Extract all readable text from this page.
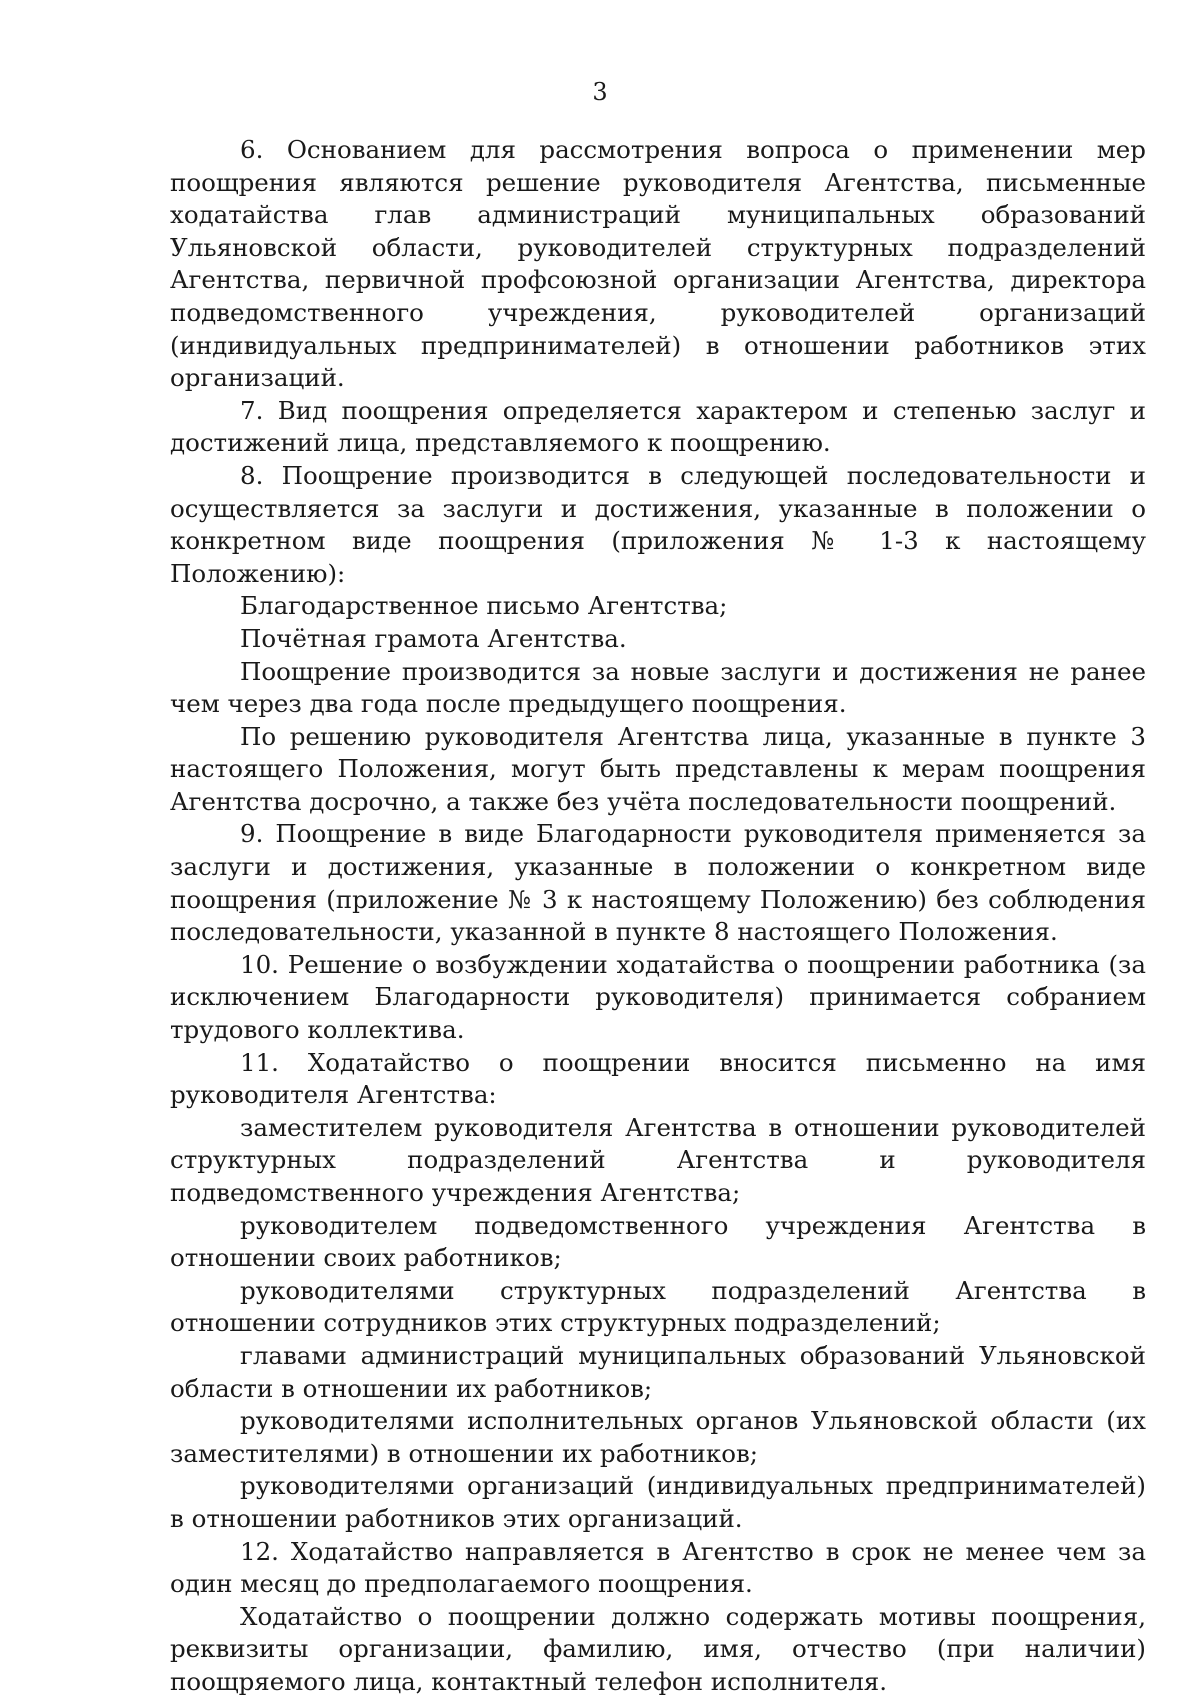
3

6. Основанием для рассмотрения вопроса о применении мер поощрения являются решение руководителя Агентства, письменные ходатайства глав администраций муниципальных образований Ульяновской области, руководителей структурных подразделений Агентства, первичной профсоюзной организации Агентства, директора подведомственного учреждения, руководителей организаций (индивидуальных предпринимателей) в отношении работников этих организаций.

7. Вид поощрения определяется характером и степенью заслуг и достижений лица, представляемого к поощрению.

8. Поощрение производится в следующей последовательности и осуществляется за заслуги и достижения, указанные в положении о конкретном виде поощрения (приложения № 1-3 к настоящему Положению):

Благодарственное письмо Агентства;

Почётная грамота Агентства.

Поощрение производится за новые заслуги и достижения не ранее чем через два года после предыдущего поощрения.

По решению руководителя Агентства лица, указанные в пункте 3 настоящего Положения, могут быть представлены к мерам поощрения Агентства досрочно, а также без учёта последовательности поощрений.

9. Поощрение в виде Благодарности руководителя применяется за заслуги и достижения, указанные в положении о конкретном виде поощрения (приложение № 3 к настоящему Положению) без соблюдения последовательности, указанной в пункте 8 настоящего Положения.

10. Решение о возбуждении ходатайства о поощрении работника (за исключением Благодарности руководителя) принимается собранием трудового коллектива.

11. Ходатайство о поощрении вносится письменно на имя руководителя Агентства:

заместителем руководителя Агентства в отношении руководителей структурных подразделений Агентства и руководителя подведомственного учреждения Агентства;

руководителем подведомственного учреждения Агентства в отношении своих работников;

руководителями структурных подразделений Агентства в отношении сотрудников этих структурных подразделений;

главами администраций муниципальных образований Ульяновской области в отношении их работников;

руководителями исполнительных органов Ульяновской области (их заместителями) в отношении их работников;

руководителями организаций (индивидуальных предпринимателей) в отношении работников этих организаций.

12. Ходатайство направляется в Агентство в срок не менее чем за один месяц до предполагаемого поощрения.

Ходатайство о поощрении должно содержать мотивы поощрения, реквизиты организации, фамилию, имя, отчество (при наличии) поощряемого лица, контактный телефон исполнителя.
